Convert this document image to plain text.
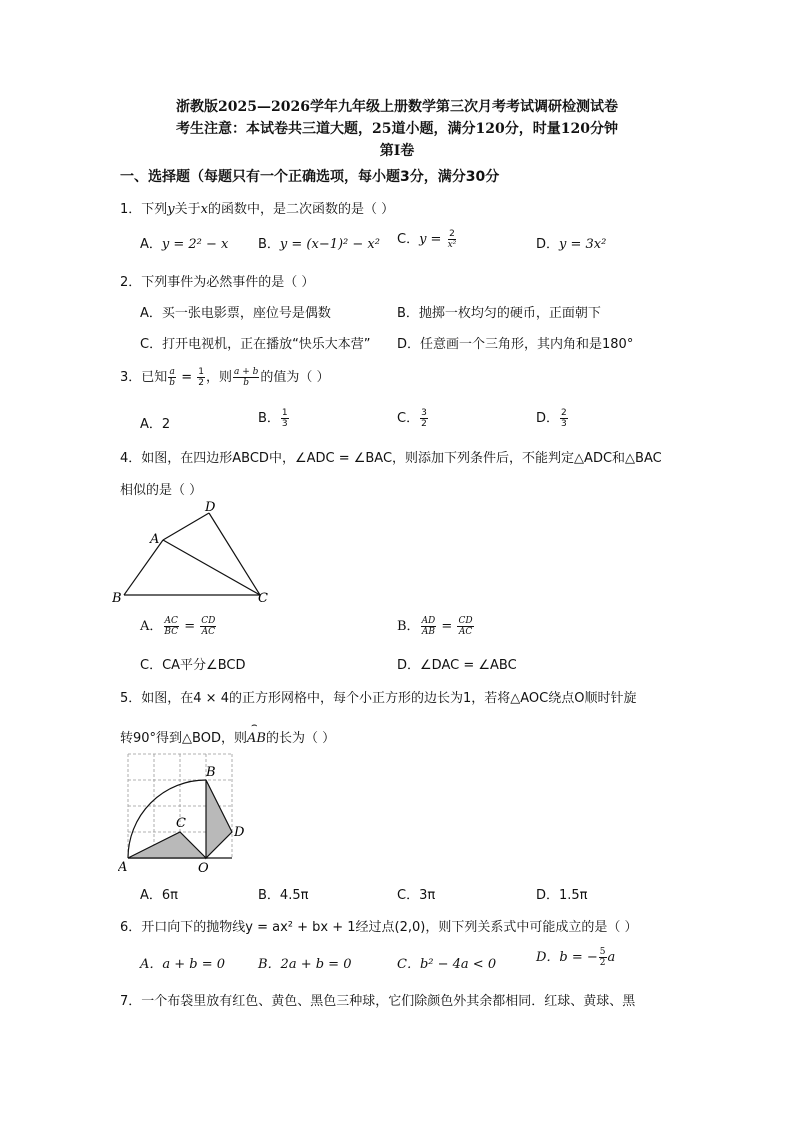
浙教版2025—2026学年九年级上册数学第三次月考考试调研检测试卷
考生注意：本试卷共三道大题，25道小题，满分120分，时量120分钟
第I卷
一、选择题（每题只有一个正确选项，每小题3分，满分30分
1．下列y关于x的函数中，是二次函数的是（ ）
A．y = 2² − x B．y = (x−1)² − x² C．$y = \frac{2}{\text{x²}}$	D．y = 3x²
2．下列事件为必然事件的是（ ）
A．买一张电影票，座位号是偶数	B．抛掷一枚均匀的硬币，正面朝下
C．打开电视机，正在播放“快乐大本营” D．任意画一个三角形，其内角和是180°
3．已知 $\frac{a}{b} = \frac{1}{2}$ ，则 $\frac{a + b}{b}$ 的值为（ ）
A．2	B． $\frac{1}{3}$	C． $\frac{3}{2}$	D． $\frac{2}{3}$
4．如图，在四边形ABCD中，∠ADC = ∠BAC，则添加下列条件后，不能判定△ADC和△BAC
相似的是（ ）
A
B	C
D
A． $\frac{AC}{BC} = \frac{CD}{AC}$	B． $\frac{AD}{AB} = \frac{CD}{AC}$
C．CA平分∠BCD	D．∠DAC = ∠ABC
5．如图，在4 × 4的正方形网格中，每个小正方形的边长为1，若将△AOC绕点O顺时针旋
转90°得到△BOD，则
⌢
AB的长为（ ）
A	O
B
C
D
A．6π	B．4.5π	C．3π	D．1.5π
6．开口向下的抛物线y = ax² + bx + 1经过点(2,0)，则下列关系式中可能成立的是（ ）
A．a + b = 0	B．2a + b = 0	C．b² − 4a < 0	D．b = − $\frac{5}{2}$ a
7．一个布袋里放有红色、黄色、黑色三种球，它们除颜色外其余都相同．红球、黄球、黑
